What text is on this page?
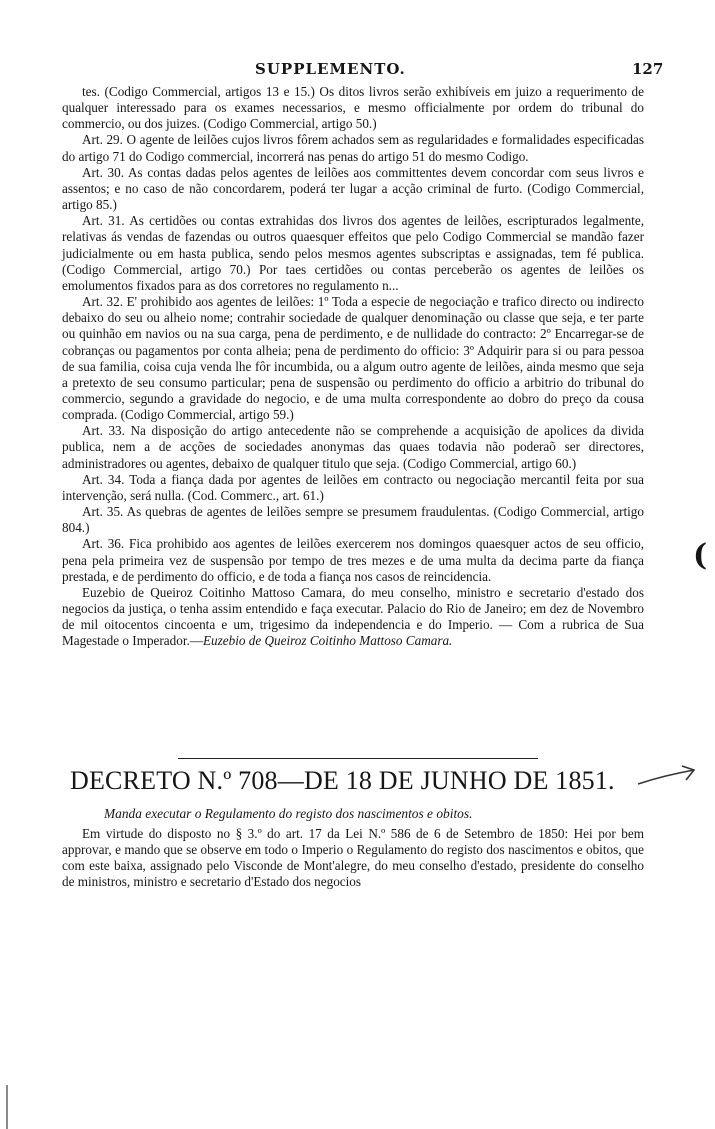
SUPPLEMENTO.	127

tes. (Codigo Commercial, artigos 13 e 15.) Os ditos livros serão exhibíveis em juizo a requerimento de qualquer interessado para os exames necessarios, e mesmo officialmente por ordem do tribunal do commercio, ou dos juizes. (Codigo Commercial, artigo 50.)

Art. 29. O agente de leilões cujos livros fôrem achados sem as regularidades e formalidades especificadas do artigo 71 do Codigo commercial, incorrerá nas penas do artigo 51 do mesmo Codigo.

Art. 30. As contas dadas pelos agentes de leilões aos committentes devem concordar com seus livros e assentos; e no caso de não concordarem, poderá ter lugar a acção criminal de furto. (Codigo Commercial, artigo 85.)

Art. 31. As certidões ou contas extrahidas dos livros dos agentes de leilões, escripturados legalmente, relativas ás vendas de fazendas ou outros quaesquer effeitos que pelo Codigo Commercial se mandão fazer judicialmente ou em hasta publica, sendo pelos mesmos agentes subscriptas e assignadas, tem fé publica. (Codigo Commercial, artigo 70.) Por taes certidões ou contas perceberão os agentes de leilões os emolumentos fixados para as dos corretores no regulamento n...

Art. 32. E' prohibido aos agentes de leilões: 1º Toda a especie de negociação e trafico directo ou indirecto debaixo do seu ou alheio nome; contrahir sociedade de qualquer denominação ou classe que seja, e ter parte ou quinhão em navios ou na sua carga, pena de perdimento, e de nullidade do contracto: 2º Encarregar-se de cobranças ou pagamentos por conta alheia; pena de perdimento do officio: 3º Adquirir para si ou para pessoa de sua familia, coisa cuja venda lhe fôr incumbida, ou a algum outro agente de leilões, ainda mesmo que seja a pretexto de seu consumo particular; pena de suspensão ou perdimento do officio a arbitrio do tribunal do commercio, segundo a gravidade do negocio, e de uma multa correspondente ao dobro do preço da cousa comprada. (Codigo Commercial, artigo 59.)

Art. 33. Na disposição do artigo antecedente não se comprehende a acquisição de apolices da divida publica, nem a de acções de sociedades anonymas das quaes todavia não poderaõ ser directores, administradores ou agentes, debaixo de qualquer titulo que seja. (Codigo Commercial, artigo 60.)

Art. 34. Toda a fiança dada por agentes de leilões em contracto ou negociação mercantil feita por sua intervenção, será nulla. (Cod. Commerc., art. 61.)

Art. 35. As quebras de agentes de leilões sempre se presumem fraudulentas. (Codigo Commercial, artigo 804.)

Art. 36. Fica prohibido aos agentes de leilões exercerem nos domingos quaesquer actos de seu officio, pena pela primeira vez de suspensão por tempo de tres mezes e de uma multa da decima parte da fiança prestada, e de perdimento do officio, e de toda a fiança nos casos de reincidencia.

Euzebio de Queiroz Coitinho Mattoso Camara, do meu conselho, ministro e secretario d'estado dos negocios da justiça, o tenha assim entendido e faça executar. Palacio do Rio de Janeiro; em dez de Novembro de mil oitocentos cincoenta e um, trigesimo da independencia e do Imperio. — Com a rubrica de Sua Magestade o Imperador.—Euzebio de Queiroz Coitinho Mattoso Camara.

DECRETO N.º 708—DE 18 DE JUNHO DE 1851.
Manda executar o Regulamento do registo dos nascimentos e obitos.

Em virtude do disposto no § 3.º do art. 17 da Lei N.º 586 de 6 de Setembro de 1850: Hei por bem approvar, e mando que se observe em todo o Imperio o Regulamento do registo dos nascimentos e obitos, que com este baixa, assignado pelo Visconde de Mont'alegre, do meu conselho d'estado, presidente do conselho de ministros, ministro e secretario d'Estado dos negocios

(
